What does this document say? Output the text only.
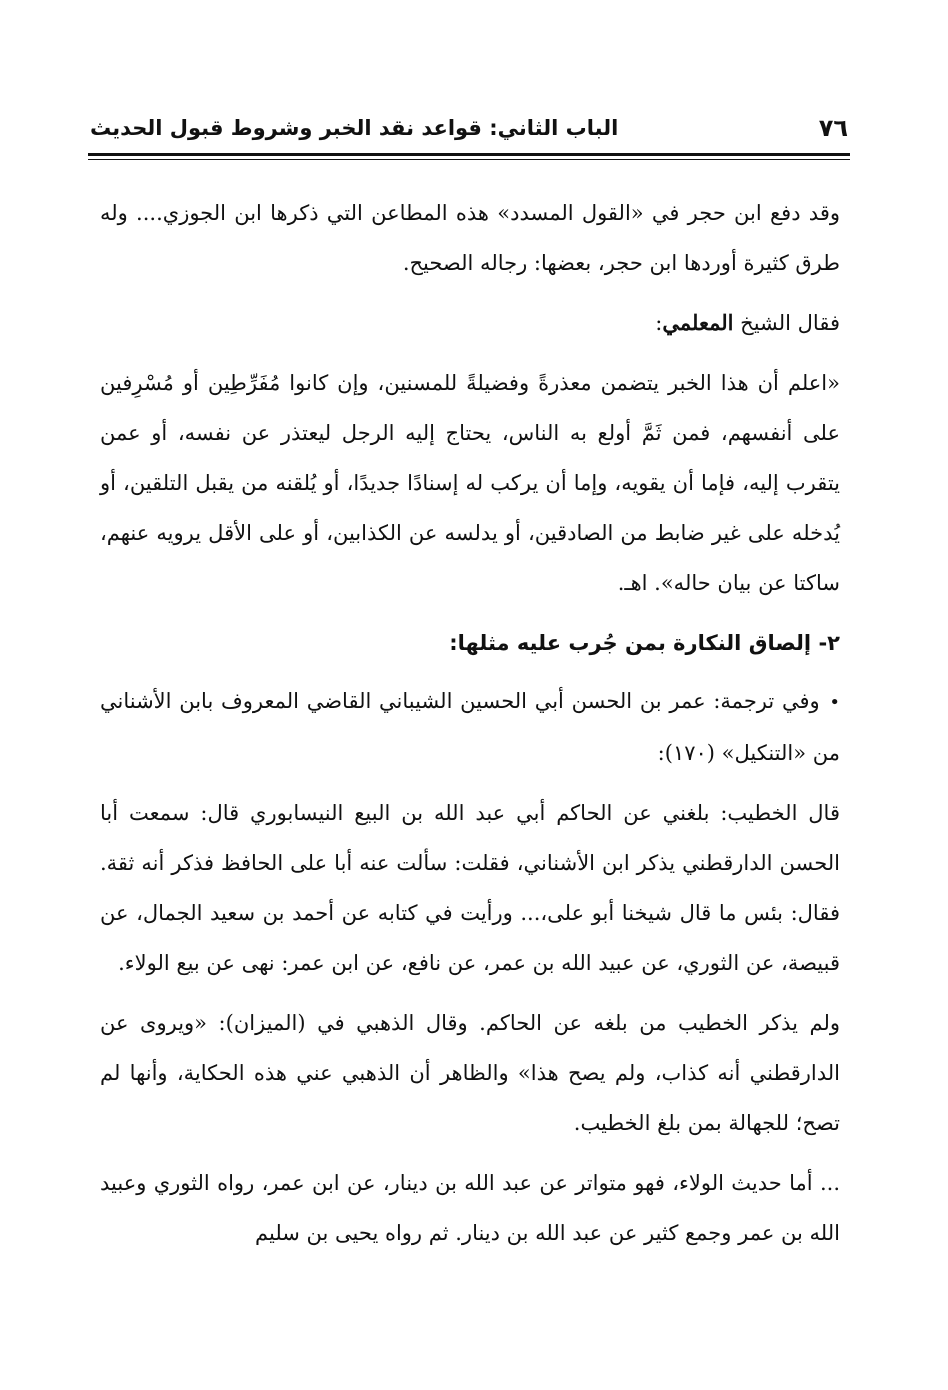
٧٦
الباب الثاني: قواعد نقد الخبر وشروط قبول الحديث

وقد دفع ابن حجر في «القول المسدد» هذه المطاعن التي ذكرها ابن الجوزي.... وله طرق كثيرة أوردها ابن حجر، بعضها: رجاله الصحيح.

فقال الشيخ المعلمي:

«اعلم أن هذا الخبر يتضمن معذرةً وفضيلةً للمسنين، وإن كانوا مُفَرِّطِين أو مُسْرِفين على أنفسهم، فمن ثَمَّ أولع به الناس، يحتاج إليه الرجل ليعتذر عن نفسه، أو عمن يتقرب إليه، فإما أن يقويه، وإما أن يركب له إسنادًا جديدًا، أو يُلقنه من يقبل التلقين، أو يُدخله على غير ضابط من الصادقين، أو يدلسه عن الكذابين، أو على الأقل يرويه عنهم، ساكتا عن بيان حاله». اهـ.

٢- إلصاق النكارة بمن جُرب عليه مثلها:

• وفي ترجمة: عمر بن الحسن أبي الحسين الشيباني القاضي المعروف بابن الأشناني من «التنكيل» (١٧٠):

قال الخطيب: بلغني عن الحاكم أبي عبد الله بن البيع النيسابوري قال: سمعت أبا الحسن الدارقطني يذكر ابن الأشناني، فقلت: سألت عنه أبا على الحافظ فذكر أنه ثقة. فقال: بئس ما قال شيخنا أبو على،... ورأيت في كتابه عن أحمد بن سعيد الجمال، عن قبيصة، عن الثوري، عن عبيد الله بن عمر، عن نافع، عن ابن عمر: نهى عن بيع الولاء.

ولم يذكر الخطيب من بلغه عن الحاكم. وقال الذهبي في (الميزان): «ويروى عن الدارقطني أنه كذاب، ولم يصح هذا» والظاهر أن الذهبي عني هذه الحكاية، وأنها لم تصح؛ للجهالة بمن بلغ الخطيب.

... أما حديث الولاء، فهو متواتر عن عبد الله بن دينار، عن ابن عمر، رواه الثوري وعبيد الله بن عمر وجمع كثير عن عبد الله بن دينار. ثم رواه يحيى بن سليم
